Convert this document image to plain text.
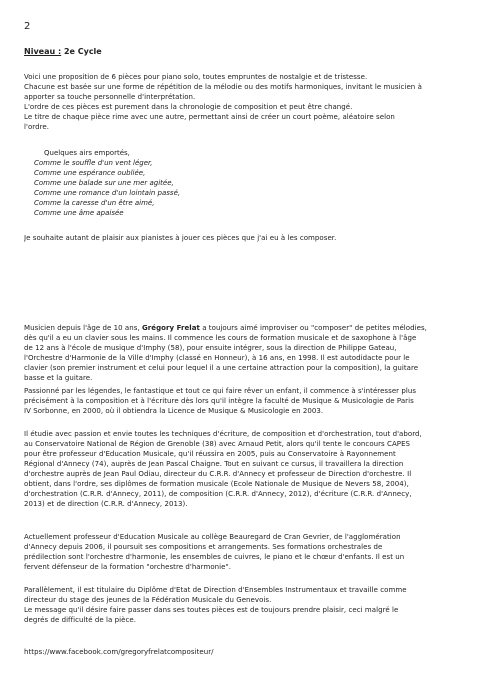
2
Niveau : 2e Cycle
Voici une proposition de 6 pièces pour piano solo, toutes empruntes de nostalgie et de tristesse.
Chacune est basée sur une forme de répétition de la mélodie ou des motifs harmoniques, invitant le musicien à
apporter sa touche personnelle d'interprétation.
L'ordre de ces pièces est purement dans la chronologie de composition et peut être changé.
Le titre de chaque pièce rime avec une autre, permettant ainsi de créer un court poème, aléatoire selon
l'ordre.
Quelques airs emportés,
Comme le souffle d'un vent léger,
Comme une espérance oubliée,
Comme une balade sur une mer agitée,
Comme une romance d'un lointain passé,
Comme la caresse d'un être aimé,
Comme une âme apaisée
Je souhaite autant de plaisir aux pianistes à jouer ces pièces que j'ai eu à les composer.
Musicien depuis l'âge de 10 ans, Grégory Frelat a toujours aimé improviser ou "composer" de petites mélodies,
dès qu'il a eu un clavier sous les mains. Il commence les cours de formation musicale et de saxophone à l'âge
de 12 ans à l'école de musique d'Imphy (58), pour ensuite intégrer, sous la direction de Philippe Gateau,
l'Orchestre d'Harmonie de la Ville d'Imphy (classé en Honneur), à 16 ans, en 1998. Il est autodidacte pour le
clavier (son premier instrument et celui pour lequel il a une certaine attraction pour la composition), la guitare
basse et la guitare.
Passionné par les légendes, le fantastique et tout ce qui faire rêver un enfant, il commence à s'intéresser plus
précisément à la composition et à l'écriture dès lors qu'il intègre la faculté de Musique & Musicologie de Paris
IV Sorbonne, en 2000, où il obtiendra la Licence de Musique & Musicologie en 2003.
Il étudie avec passion et envie toutes les techniques d'écriture, de composition et d'orchestration, tout d'abord,
au Conservatoire National de Région de Grenoble (38) avec Arnaud Petit, alors qu'il tente le concours CAPES
pour être professeur d'Education Musicale, qu'il réussira en 2005, puis au Conservatoire à Rayonnement
Régional d'Annecy (74), auprès de Jean Pascal Chaigne. Tout en suivant ce cursus, il travaillera la direction
d'orchestre auprès de Jean Paul Odiau, directeur du C.R.R. d'Annecy et professeur de Direction d'orchestre. Il
obtient, dans l'ordre, ses diplômes de formation musicale (Ecole Nationale de Musique de Nevers 58, 2004),
d'orchestration (C.R.R. d'Annecy, 2011), de composition (C.R.R. d'Annecy, 2012), d'écriture (C.R.R. d'Annecy,
2013) et de direction (C.R.R. d'Annecy, 2013).
Actuellement professeur d'Education Musicale au collège Beauregard de Cran Gevrier, de l'agglomération
d'Annecy depuis 2006, il poursuit ses compositions et arrangements. Ses formations orchestrales de
prédilection sont l'orchestre d'harmonie, les ensembles de cuivres, le piano et le chœur d'enfants. Il est un
fervent défenseur de la formation "orchestre d'harmonie".
Parallèlement, il est titulaire du Diplôme d'Etat de Direction d'Ensembles Instrumentaux et travaille comme
directeur du stage des jeunes de la Fédération Musicale du Genevois.
Le message qu'il désire faire passer dans ses toutes pièces est de toujours prendre plaisir, ceci malgré le
degrés de difficulté de la pièce.
https://www.facebook.com/gregoryfrelatcompositeur/
